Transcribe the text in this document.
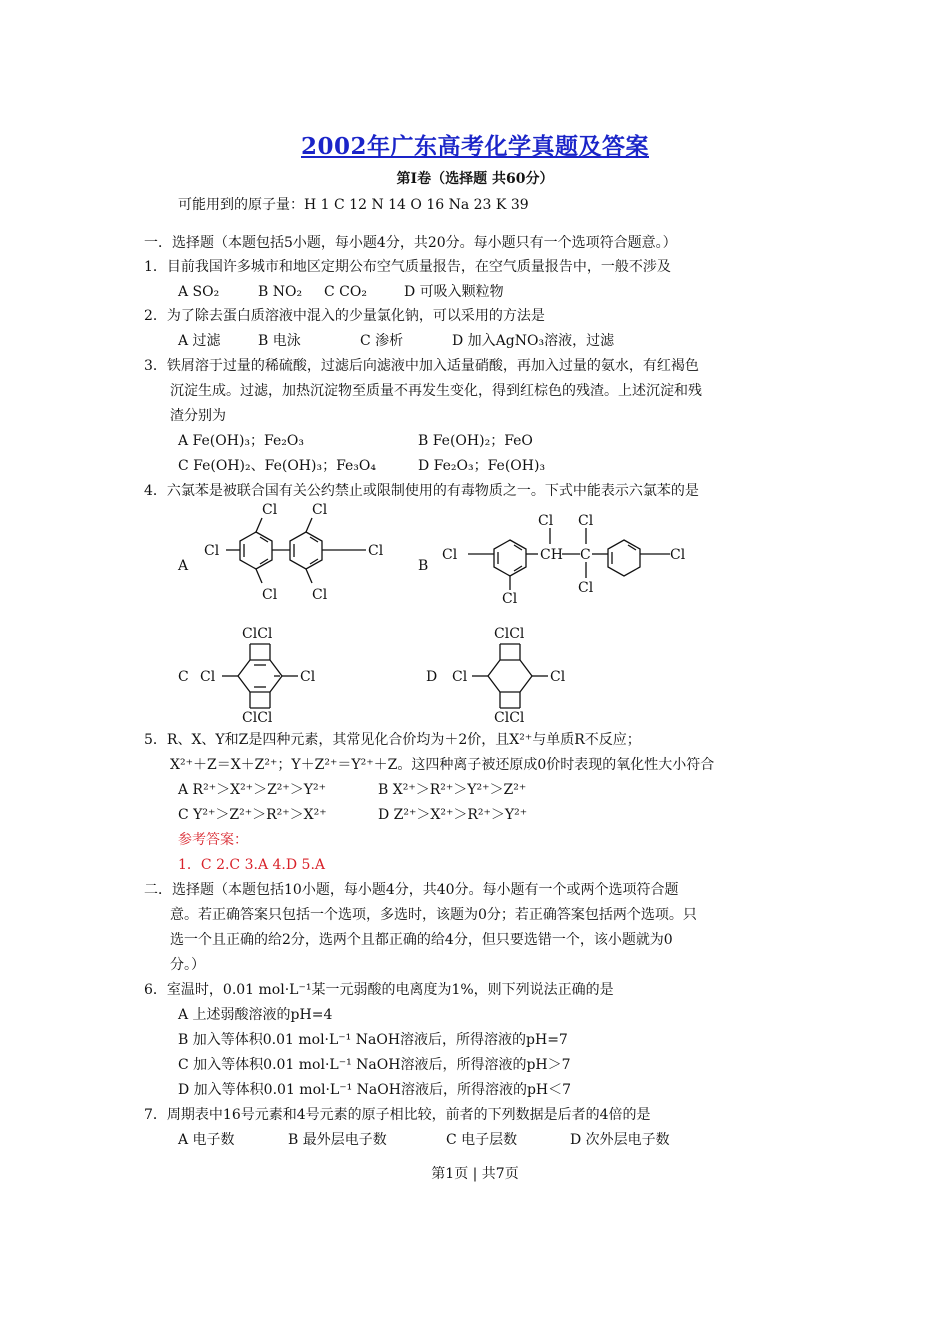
2002年广东高考化学真题及答案
第Ⅰ卷（选择题 共60分）
可能用到的原子量：H 1 C 12 N 14 O 16 Na 23 K 39
一．选择题（本题包括5小题，每小题4分，共20分。每小题只有一个选项符合题意。）
1．目前我国许多城市和地区定期公布空气质量报告，在空气质量报告中，一般不涉及
A SO₂	B NO₂ C CO₂	D 可吸入颗粒物
2．为了除去蛋白质溶液中混入的少量氯化钠，可以采用的方法是
A 过滤	B 电泳	C 渗析	D 加入AgNO₃溶液，过滤
3．铁屑溶于过量的稀硫酸，过滤后向滤液中加入适量硝酸，再加入过量的氨水，有红褐色
沉淀生成。过滤，加热沉淀物至质量不再发生变化，得到红棕色的残渣。上述沉淀和残
渣分别为
A Fe(OH)₃；Fe₂O₃	B Fe(OH)₂；FeO
C Fe(OH)₂、Fe(OH)₃；Fe₃O₄	D Fe₂O₃；Fe(OH)₃
4．六氯苯是被联合国有关公约禁止或限制使用的有毒物质之一。下式中能表示六氯苯的是
A
Cl Cl
Cl	Cl
Cl Cl
B
Cl	CH
Cl
C
Cl
Cl
Cl
Cl
C
ClCl
Cl	Cl
ClCl
D
ClCl
Cl	Cl
ClCl
5．R、X、Y和Z是四种元素，其常见化合价均为＋2价，且X²⁺与单质R不反应；
X²⁺＋Z＝X＋Z²⁺；Y＋Z²⁺＝Y²⁺＋Z。这四种离子被还原成0价时表现的氧化性大小符合
A R²⁺＞X²⁺＞Z²⁺＞Y²⁺	B X²⁺＞R²⁺＞Y²⁺＞Z²⁺
C Y²⁺＞Z²⁺＞R²⁺＞X²⁺	D Z²⁺＞X²⁺＞R²⁺＞Y²⁺
参考答案：
1．C 2.C 3.A 4.D 5.A
二．选择题（本题包括10小题，每小题4分，共40分。每小题有一个或两个选项符合题
意。若正确答案只包括一个选项，多选时，该题为0分；若正确答案包括两个选项。只
选一个且正确的给2分，选两个且都正确的给4分，但只要选错一个，该小题就为0
分。）
6．室温时，0.01 mol·L⁻¹某一元弱酸的电离度为1%，则下列说法正确的是
A 上述弱酸溶液的pH=4
B 加入等体积0.01 mol·L⁻¹ NaOH溶液后，所得溶液的pH=7
C 加入等体积0.01 mol·L⁻¹ NaOH溶液后，所得溶液的pH＞7
D 加入等体积0.01 mol·L⁻¹ NaOH溶液后，所得溶液的pH＜7
7．周期表中16号元素和4号元素的原子相比较，前者的下列数据是后者的4倍的是
A 电子数	B 最外层电子数	C 电子层数	D 次外层电子数
第1页 | 共7页
